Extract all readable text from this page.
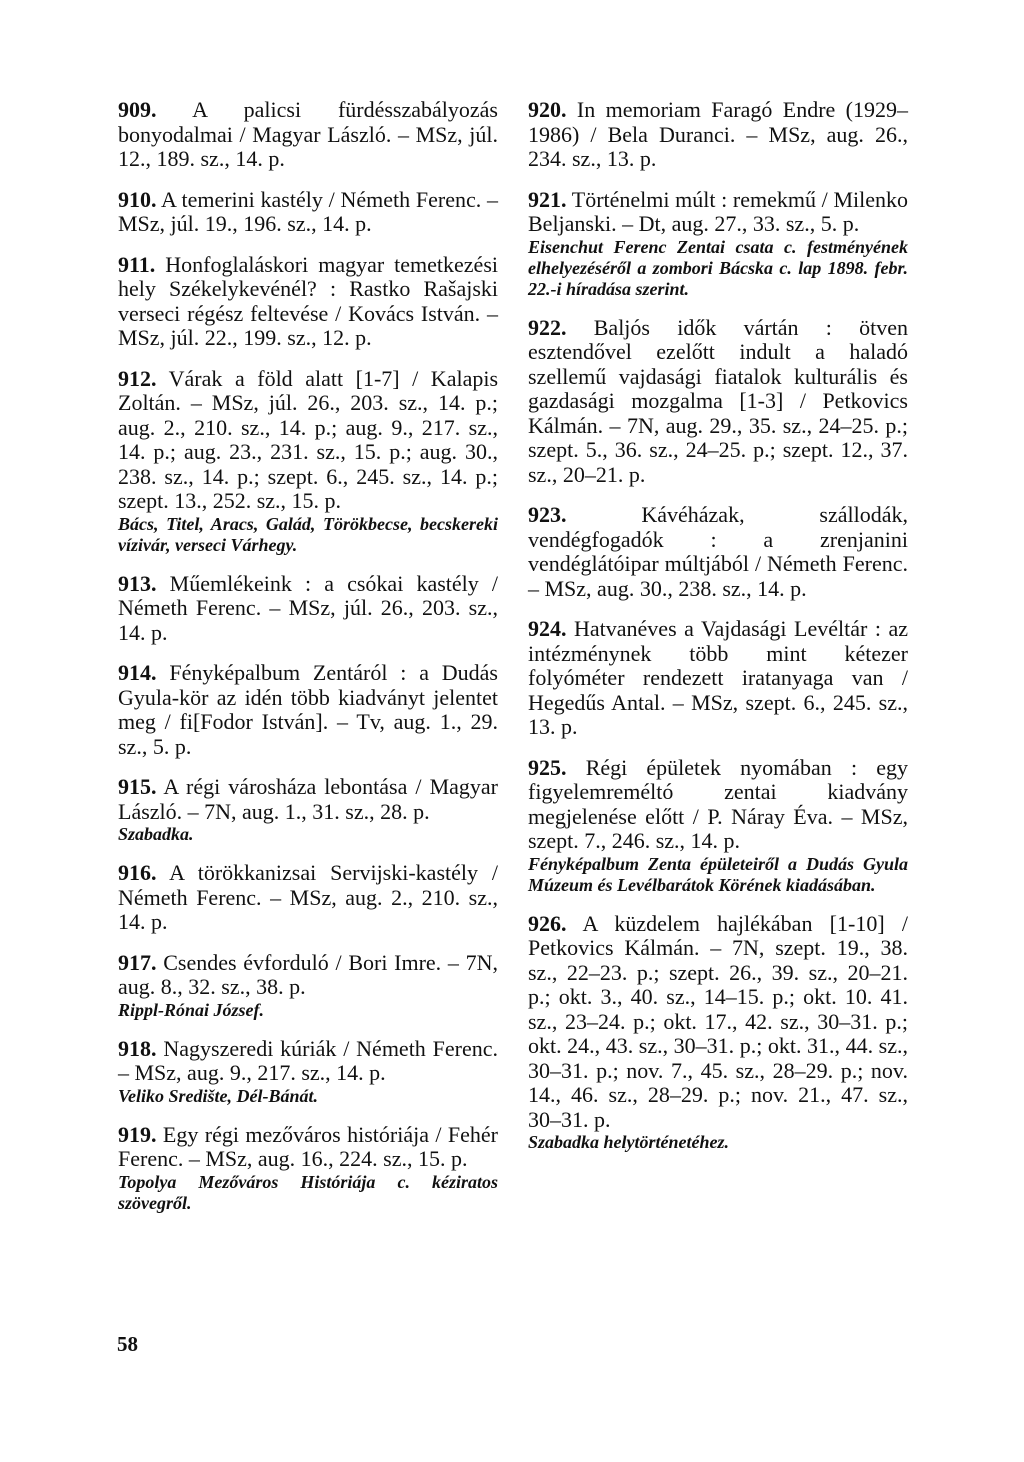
909. A palicsi fürdésszabályozás bonyodalmai / Magyar László. – MSz, júl. 12., 189. sz., 14. p.
910. A temerini kastély / Németh Ferenc. – MSz, júl. 19., 196. sz., 14. p.
911. Honfoglaláskori magyar temetkezési hely Székelykevénél? : Rastko Rašajski verseci régész feltevése / Kovács István. – MSz, júl. 22., 199. sz., 12. p.
912. Várak a föld alatt [1-7] / Kalapis Zoltán. – MSz, júl. 26., 203. sz., 14. p.; aug. 2., 210. sz., 14. p.; aug. 9., 217. sz., 14. p.; aug. 23., 231. sz., 15. p.; aug. 30., 238. sz., 14. p.; szept. 6., 245. sz., 14. p.; szept. 13., 252. sz., 15. p.
Bács, Titel, Aracs, Galád, Törökbecse, becskereki vízivár, verseci Várhegy.
913. Műemlékeink : a csókai kastély / Németh Ferenc. – MSz, júl. 26., 203. sz., 14. p.
914. Fényképalbum Zentáról : a Dudás Gyula-kör az idén több kiadványt jelentet meg / fi[Fodor István]. – Tv, aug. 1., 29. sz., 5. p.
915. A régi városháza lebontása / Magyar László. – 7N, aug. 1., 31. sz., 28. p.
Szabadka.
916. A törökkanizsai Servijski-kastély / Németh Ferenc. – MSz, aug. 2., 210. sz., 14. p.
917. Csendes évforduló / Bori Imre. – 7N, aug. 8., 32. sz., 38. p.
Rippl-Rónai József.
918. Nagyszeredi kúriák / Németh Ferenc. – MSz, aug. 9., 217. sz., 14. p.
Veliko Središte, Dél-Bánát.
919. Egy régi mezőváros históriája / Fehér Ferenc. – MSz, aug. 16., 224. sz., 15. p.
Topolya Mezőváros Históriája c. kéziratos szövegről.
920. In memoriam Faragó Endre (1929–1986) / Bela Duranci. – MSz, aug. 26., 234. sz., 13. p.
921. Történelmi múlt : remekmű / Milenko Beljanski. – Dt, aug. 27., 33. sz., 5. p.
Eisenchut Ferenc Zentai csata c. festményének elhelyezéséről a zombori Bácska c. lap 1898. febr. 22.-i híradása szerint.
922. Baljós idők vártán : ötven esztendővel ezelőtt indult a haladó szellemű vajdasági fiatalok kulturális és gazdasági mozgalma [1-3] / Petkovics Kálmán. – 7N, aug. 29., 35. sz., 24–25. p.; szept. 5., 36. sz., 24–25. p.; szept. 12., 37. sz., 20–21. p.
923.	Kávéházak, szállodák, vendégfogadók : a zrenjanini vendéglátóipar múltjából / Németh Ferenc. – MSz, aug. 30., 238. sz., 14. p.
924. Hatvanéves a Vajdasági Levéltár : az intézménynek több mint kétezer folyóméter rendezett iratanyaga van / Hegedűs Antal. – MSz, szept. 6., 245. sz., 13. p.
925. Régi épületek nyomában : egy figyelemreméltó zentai kiadvány megjelenése előtt / P. Náray Éva. – MSz, szept. 7., 246. sz., 14. p.
Fényképalbum Zenta épületeiről a Dudás Gyula Múzeum és Levélbarátok Körének kiadásában.
926. A küzdelem hajlékában [1-10] / Petkovics Kálmán. – 7N, szept. 19., 38. sz., 22–23. p.; szept. 26., 39. sz., 20–21. p.; okt. 3., 40. sz., 14–15. p.; okt. 10. 41. sz., 23–24. p.; okt. 17., 42. sz., 30–31. p.; okt. 24., 43. sz., 30–31. p.; okt. 31., 44. sz., 30–31. p.; nov. 7., 45. sz., 28–29. p.; nov. 14., 46. sz., 28–29. p.; nov. 21., 47. sz., 30–31. p.
Szabadka helytörténetéhez.
58
